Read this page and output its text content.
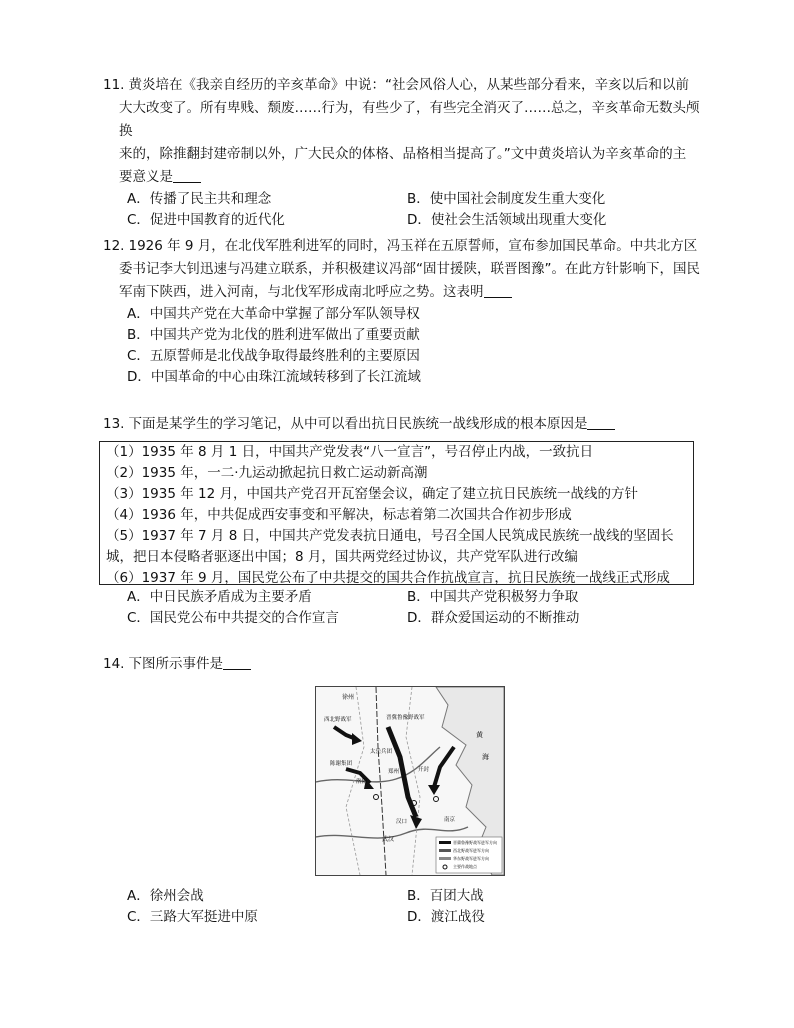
11. 黄炎培在《我亲自经历的辛亥革命》中说：“社会风俗人心，从某些部分看来，辛亥以后和以前
大大改变了。所有卑贱、颓废……行为，有些少了，有些完全消灭了……总之，辛亥革命无数头颅换
来的，除推翻封建帝制以外，广大民众的体格、品格相当提高了。”文中黄炎培认为辛亥革命的主
要意义是

A．传播了民主共和理念	B．使中国社会制度发生重大变化
C．促进中国教育的近代化	D．使社会生活领域出现重大变化

12. 1926 年 9 月，在北伐军胜利进军的同时，冯玉祥在五原誓师，宣布参加国民革命。中共北方区
委书记李大钊迅速与冯建立联系，并积极建议冯部“固甘援陕，联晋图豫”。在此方针影响下，国民
军南下陕西，进入河南，与北伐军形成南北呼应之势。这表明

A．中国共产党在大革命中掌握了部分军队领导权
B．中国共产党为北伐的胜利进军做出了重要贡献
C．五原誓师是北伐战争取得最终胜利的主要原因
D．中国革命的中心由珠江流域转移到了长江流域

13. 下面是某学生的学习笔记，从中可以看出抗日民族统一战线形成的根本原因是

（1）1935 年 8 月 1 日，中国共产党发表“八一宣言”，号召停止内战，一致抗日
（2）1935 年，一二·九运动掀起抗日救亡运动新高潮
（3）1935 年 12 月，中国共产党召开瓦窑堡会议，确定了建立抗日民族统一战线的方针
（4）1936 年，中共促成西安事变和平解决，标志着第二次国共合作初步形成
（5）1937 年 7 月 8 日，中国共产党发表抗日通电，号召全国人民筑成民族统一战线的坚固长
城，把日本侵略者驱逐出中国；8 月，国共两党经过协议，共产党军队进行改编
（6）1937 年 9 月，国民党公布了中共提交的国共合作抗战宣言，抗日民族统一战线正式形成
A．中日民族矛盾成为主要矛盾	B．中国共产党积极努力争取
C．国民党公布中共提交的合作宣言	D．群众爱国运动的不断推动

14. 下图所示事件是

徐州
西北野战军	晋冀鲁豫野战军
太岳兵团
陈谢集团
郑州
洛阳
开封
汉口
武汉
黄
海
南京
晋冀鲁豫野战军进军方向
西北野战军进军方向
华东野战军进军方向
主要作战地点
A．徐州会战	B．百团大战
C．三路大军挺进中原	D．渡江战役
